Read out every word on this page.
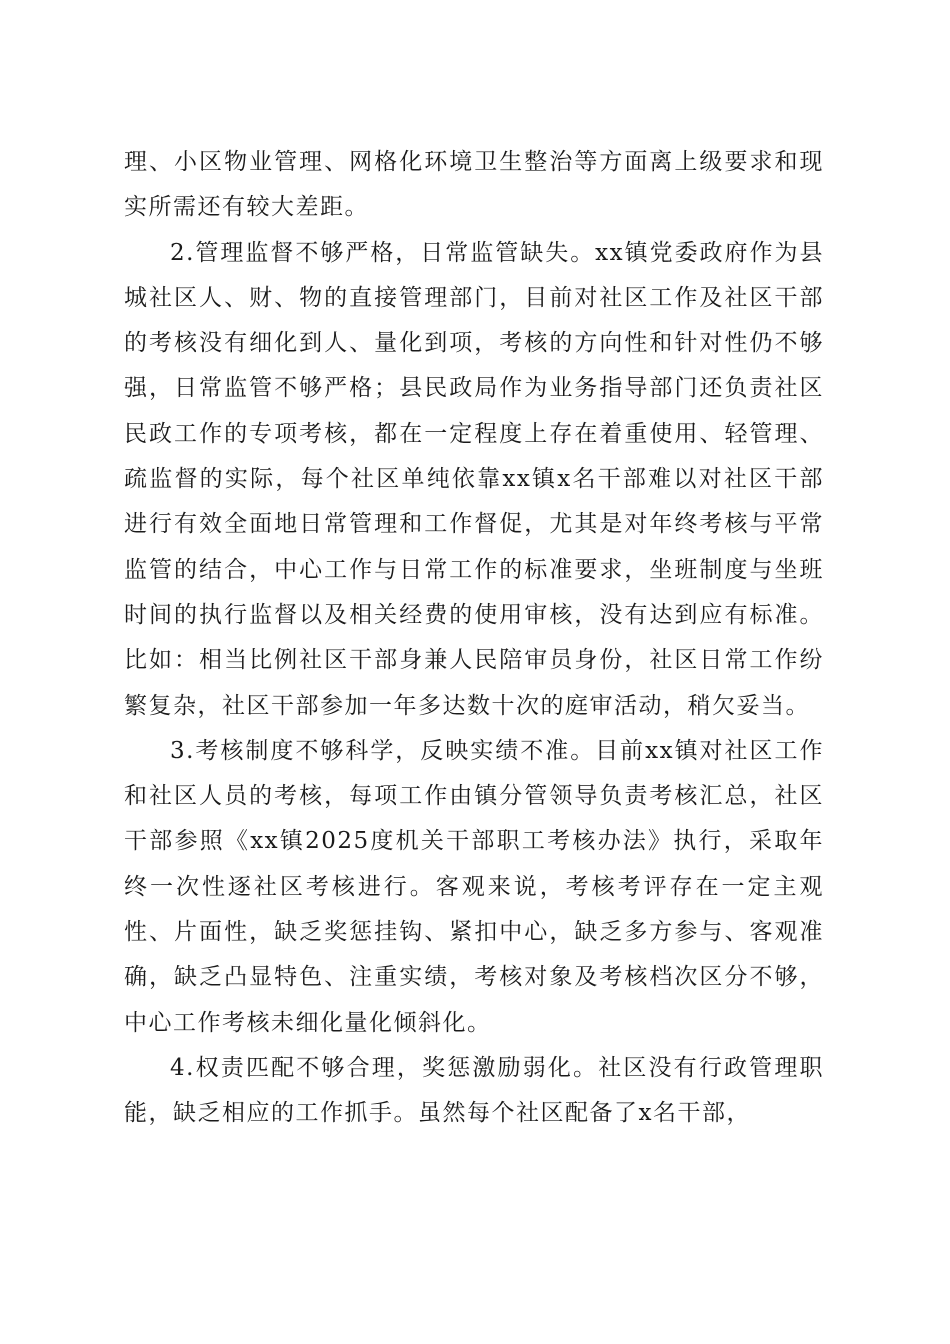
理、小区物业管理、网格化环境卫生整治等方面离上级要求和现实所需还有较大差距。

2.管理监督不够严格，日常监管缺失。xx镇党委政府作为县城社区人、财、物的直接管理部门，目前对社区工作及社区干部的考核没有细化到人、量化到项，考核的方向性和针对性仍不够强，日常监管不够严格；县民政局作为业务指导部门还负责社区民政工作的专项考核，都在一定程度上存在着重使用、轻管理、疏监督的实际，每个社区单纯依靠xx镇x名干部难以对社区干部进行有效全面地日常管理和工作督促，尤其是对年终考核与平常监管的结合，中心工作与日常工作的标准要求，坐班制度与坐班时间的执行监督以及相关经费的使用审核，没有达到应有标准。比如：相当比例社区干部身兼人民陪审员身份，社区日常工作纷繁复杂，社区干部参加一年多达数十次的庭审活动，稍欠妥当。

3.考核制度不够科学，反映实绩不准。目前xx镇对社区工作和社区人员的考核，每项工作由镇分管领导负责考核汇总，社区干部参照《xx镇2025度机关干部职工考核办法》执行，采取年终一次性逐社区考核进行。客观来说，考核考评存在一定主观性、片面性，缺乏奖惩挂钩、紧扣中心，缺乏多方参与、客观准确，缺乏凸显特色、注重实绩，考核对象及考核档次区分不够，中心工作考核未细化量化倾斜化。

4.权责匹配不够合理，奖惩激励弱化。社区没有行政管理职能，缺乏相应的工作抓手。虽然每个社区配备了x名干部，
